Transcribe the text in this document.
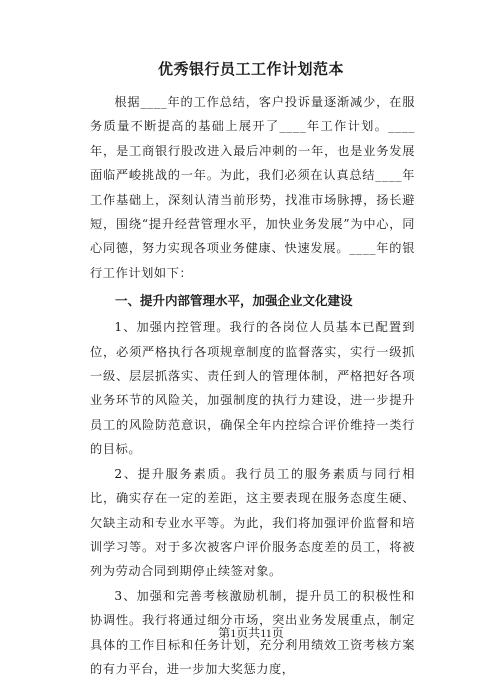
优秀银行员工工作计划范本

根据____年的工作总结，客户投诉量逐渐减少，在服务质量不断提高的基础上展开了____年工作计划。____年，是工商银行股改进入最后冲刺的一年，也是业务发展面临严峻挑战的一年。为此，我们必须在认真总结____年工作基础上，深刻认清当前形势，找准市场脉搏，扬长避短，围绕“提升经营管理水平，加快业务发展”为中心，同心同德，努力实现各项业务健康、快速发展。____年的银行工作计划如下：

一、提升内部管理水平，加强企业文化建设

1、加强内控管理。我行的各岗位人员基本已配置到位，必须严格执行各项规章制度的监督落实，实行一级抓一级、层层抓落实、责任到人的管理体制，严格把好各项业务环节的风险关，加强制度的执行力建设，进一步提升员工的风险防范意识，确保全年内控综合评价维持一类行的目标。

2、提升服务素质。我行员工的服务素质与同行相比，确实存在一定的差距，这主要表现在服务态度生硬、欠缺主动和专业水平等。为此，我们将加强评价监督和培训学习等。对于多次被客户评价服务态度差的员工，将被列为劳动合同到期停止续签对象。

3、加强和完善考核激励机制，提升员工的积极性和协调性。我行将通过细分市场，突出业务发展重点，制定具体的工作目标和任务计划，充分利用绩效工资考核方案的有力平台，进一步加大奖惩力度，

第1页共11页
